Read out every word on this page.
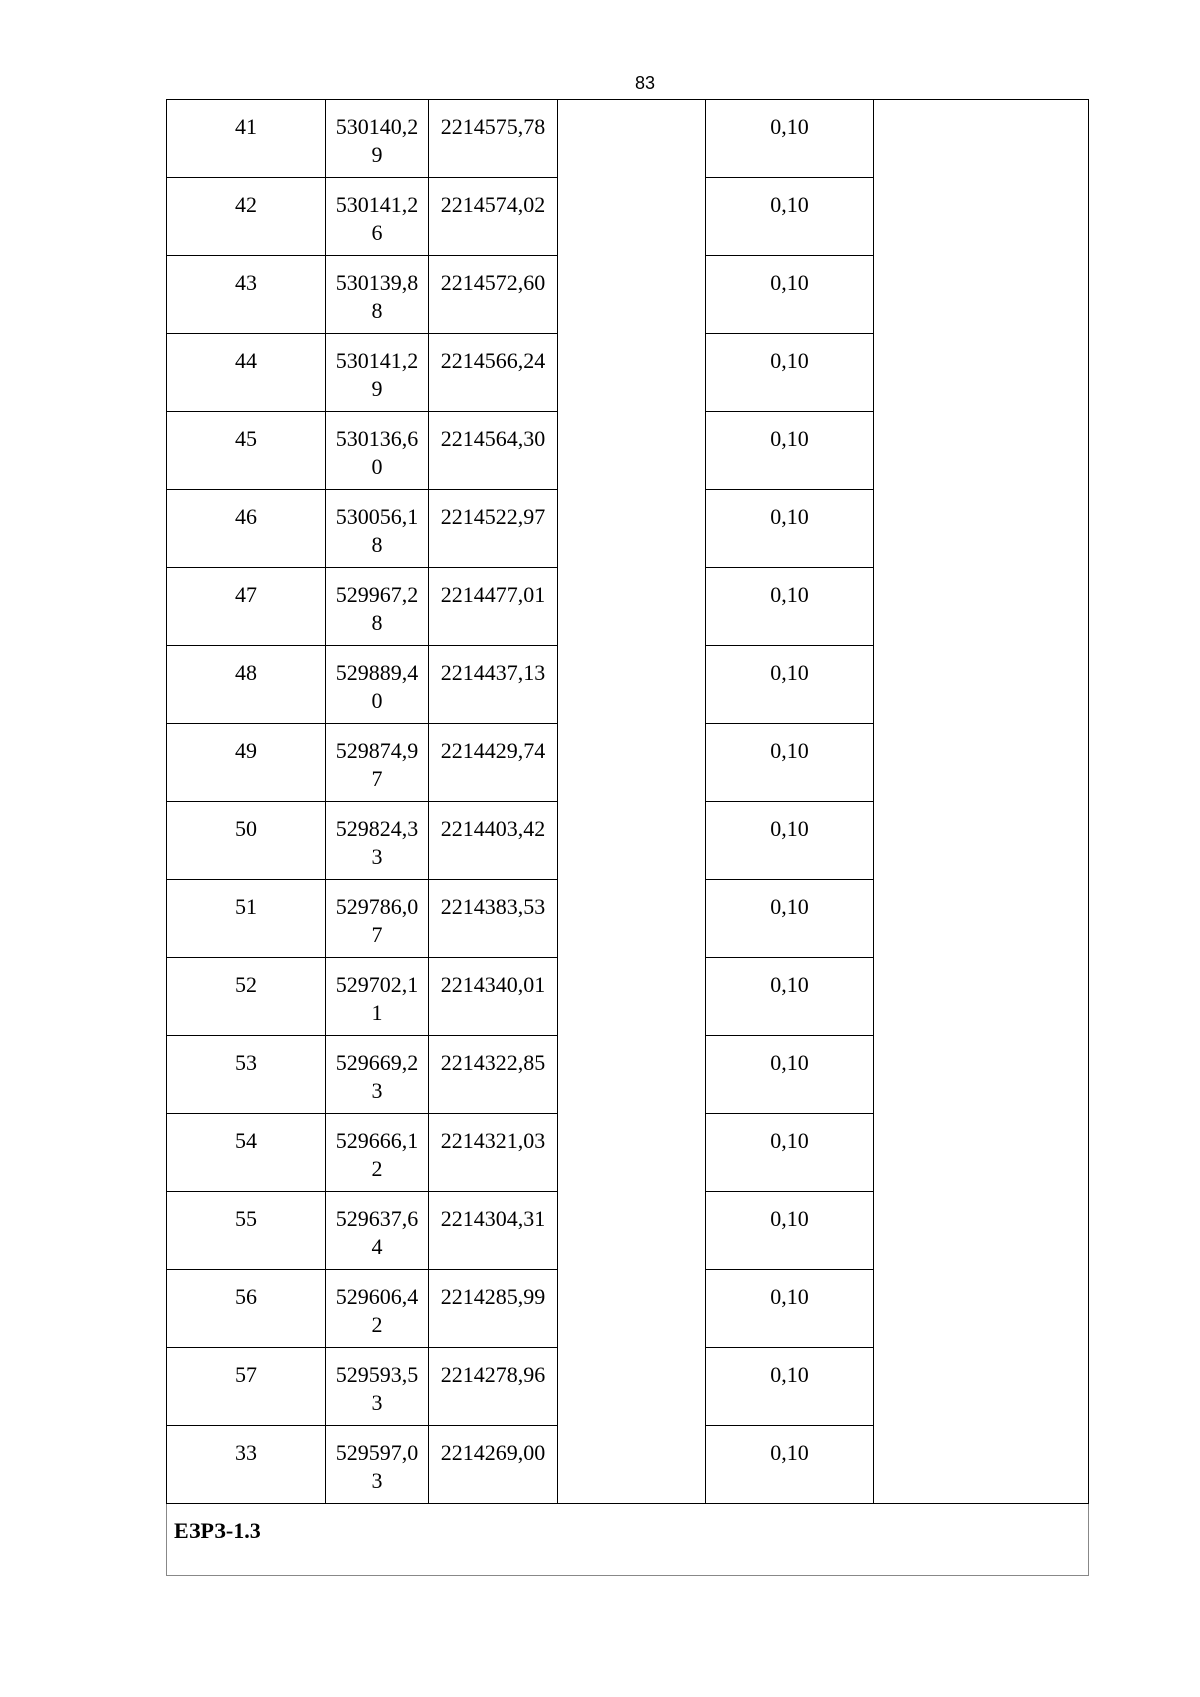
83
41	530140,29	2214575,78		0,10	
42	530141,26	2214574,02		0,10	
43	530139,88	2214572,60		0,10	
44	530141,29	2214566,24		0,10	
45	530136,60	2214564,30		0,10	
46	530056,18	2214522,97		0,10	
47	529967,28	2214477,01		0,10	
48	529889,40	2214437,13		0,10	
49	529874,97	2214429,74		0,10	
50	529824,33	2214403,42		0,10	
51	529786,07	2214383,53		0,10	
52	529702,11	2214340,01		0,10	
53	529669,23	2214322,85		0,10	
54	529666,12	2214321,03		0,10	
55	529637,64	2214304,31		0,10	
56	529606,42	2214285,99		0,10	
57	529593,53	2214278,96		0,10	
33	529597,03	2214269,00		0,10	
ЕЗРЗ-1.3					
